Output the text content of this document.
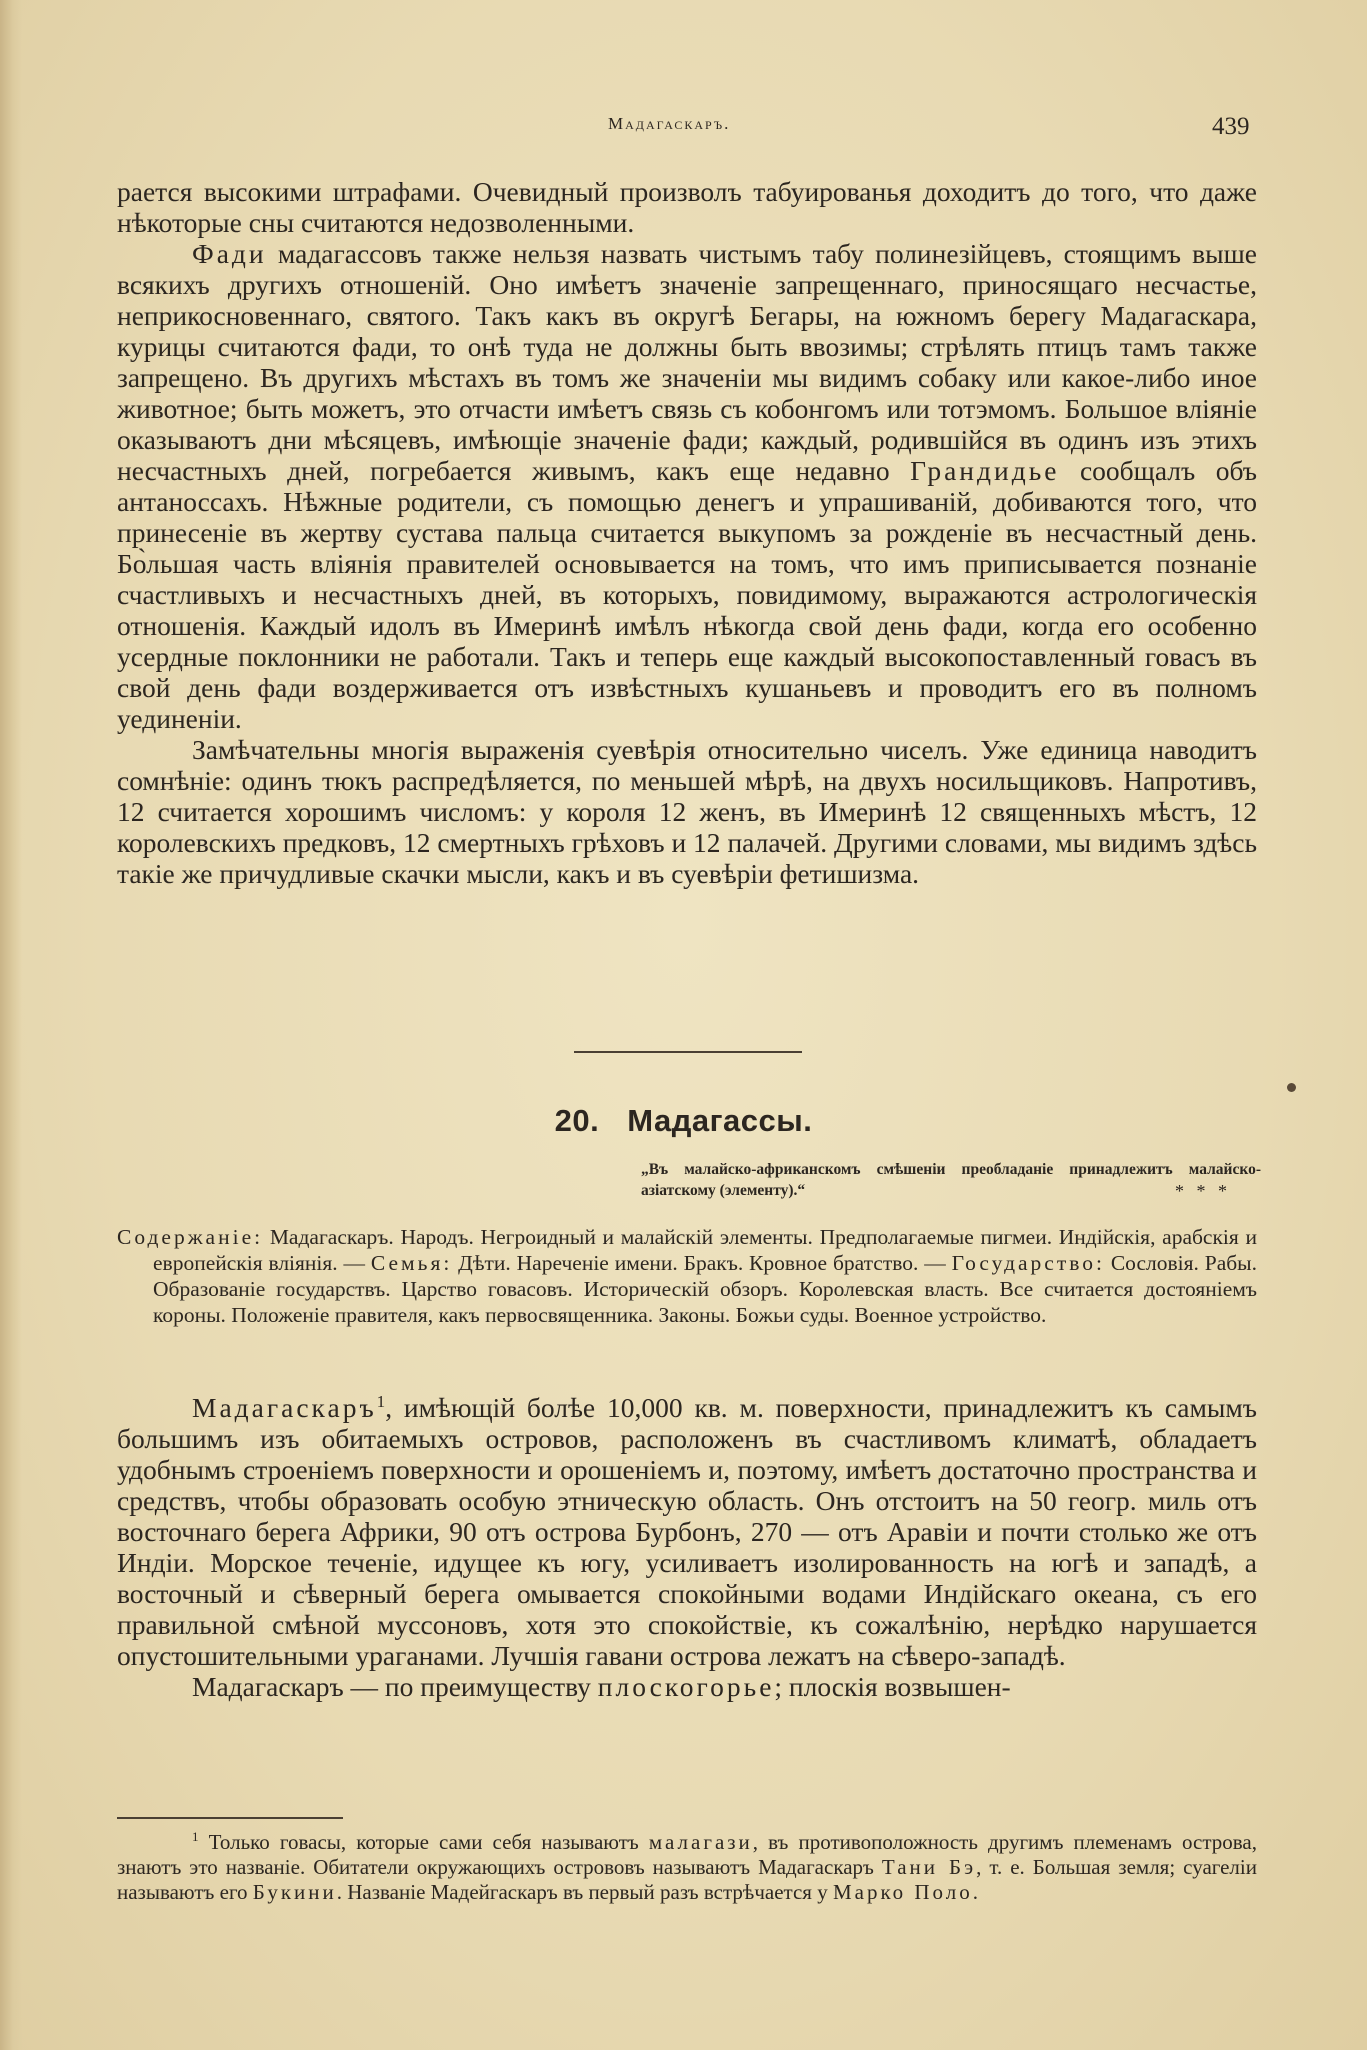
Мадагаскаръ.	439

рается высокими штрафами. Очевидный произволъ табуированья доходитъ до того, что даже нѣкоторые сны считаются недозволенными.

Фади мадагассовъ также нельзя назвать чистымъ табу полинезійцевъ, стоящимъ выше всякихъ другихъ отношеній. Оно имѣетъ значеніе запрещеннаго, приносящаго несчастье, неприкосновеннаго, святого. Такъ какъ въ округѣ Бегары, на южномъ берегу Мадагаскара, курицы считаются фади, то онѣ туда не должны быть ввозимы; стрѣлять птицъ тамъ также запрещено. Въ другихъ мѣстахъ въ томъ же значеніи мы видимъ собаку или какое-либо иное животное; быть можетъ, это отчасти имѣетъ связь съ кобонгомъ или тотэмомъ. Большое вліяніе оказываютъ дни мѣсяцевъ, имѣющіе значеніе фади; каждый, родившійся въ одинъ изъ этихъ несчастныхъ дней, погребается живымъ, какъ еще недавно Грандидье сообщалъ объ антаноссахъ. Нѣжные родители, съ помощью денегъ и упрашиваній, добиваются того, что принесеніе въ жертву сустава пальца считается выкупомъ за рожденіе въ несчастный день. Бо̀льшая часть вліянія правителей основывается на томъ, что имъ приписывается познаніе счастливыхъ и несчастныхъ дней, въ которыхъ, повидимому, выражаются астрологическія отношенія. Каждый идолъ въ Имеринѣ имѣлъ нѣкогда свой день фади, когда его особенно усердные поклонники не работали. Такъ и теперь еще каждый высокопоставленный говасъ въ свой день фади воздерживается отъ извѣстныхъ кушаньевъ и проводитъ его въ полномъ уединеніи.

Замѣчательны многія выраженія суевѣрія относительно чиселъ. Уже единица наводитъ сомнѣніе: одинъ тюкъ распредѣляется, по меньшей мѣрѣ, на двухъ носильщиковъ. Напротивъ, 12 считается хорошимъ числомъ: у короля 12 женъ, въ Имеринѣ 12 священныхъ мѣстъ, 12 королевскихъ предковъ, 12 смертныхъ грѣховъ и 12 палачей. Другими словами, мы видимъ здѣсь такіе же причудливые скачки мысли, какъ и въ суевѣріи фетишизма.

20. Мадагассы.
„Въ малайско-африканскомъ смѣшеніи преобладаніе принадлежитъ малайско-азіатскому (элементу).“	* * *

Содержаніе: Мадагаскаръ. Народъ. Негроидный и малайскій элементы. Предполагаемые пигмеи. Индійскія, арабскія и европейскія вліянія. — Семья: Дѣти. Нареченіе имени. Бракъ. Кровное братство. — Государство: Сословія. Рабы. Образованіе государствъ. Царство говасовъ. Историческій обзоръ. Королевская власть. Все считается достояніемъ короны. Положеніе правителя, какъ первосвященника. Законы. Божьи суды. Военное устройство.

Мадагаскаръ$^1$, имѣющій болѣе 10,000 кв. м. поверхности, принадлежитъ къ самымъ большимъ изъ обитаемыхъ островов, расположенъ въ счастливомъ климатѣ, обладаетъ удобнымъ строеніемъ поверхности и орошеніемъ и, поэтому, имѣетъ достаточно пространства и средствъ, чтобы образовать особую этническую область. Онъ отстоитъ на 50 геогр. миль отъ восточнаго берега Африки, 90 отъ острова Бурбонъ, 270 — отъ Аравіи и почти столько же отъ Индіи. Морское теченіе, идущее къ югу, усиливаетъ изолированность на югѣ и западѣ, а восточный и сѣверный берега омывается спокойными водами Индійскаго океана, съ его правильной смѣной муссоновъ, хотя это спокойствіе, къ сожалѣнію, нерѣдко нарушается опустошительными ураганами. Лучшія гавани острова лежатъ на сѣверо-западѣ.

Мадагаскаръ — по преимуществу плоскогорье; плоскія возвышен-

$^1$ Только говасы, которые сами себя называютъ малагази, въ противоположность другимъ племенамъ острова, знаютъ это названіе. Обитатели окружающихъ острововъ называютъ Мадагаскаръ Тани Бэ, т. е. Большая земля; суагеліи называютъ его Букини. Названіе Мадейгаскаръ въ первый разъ встрѣчается у Марко Поло.
